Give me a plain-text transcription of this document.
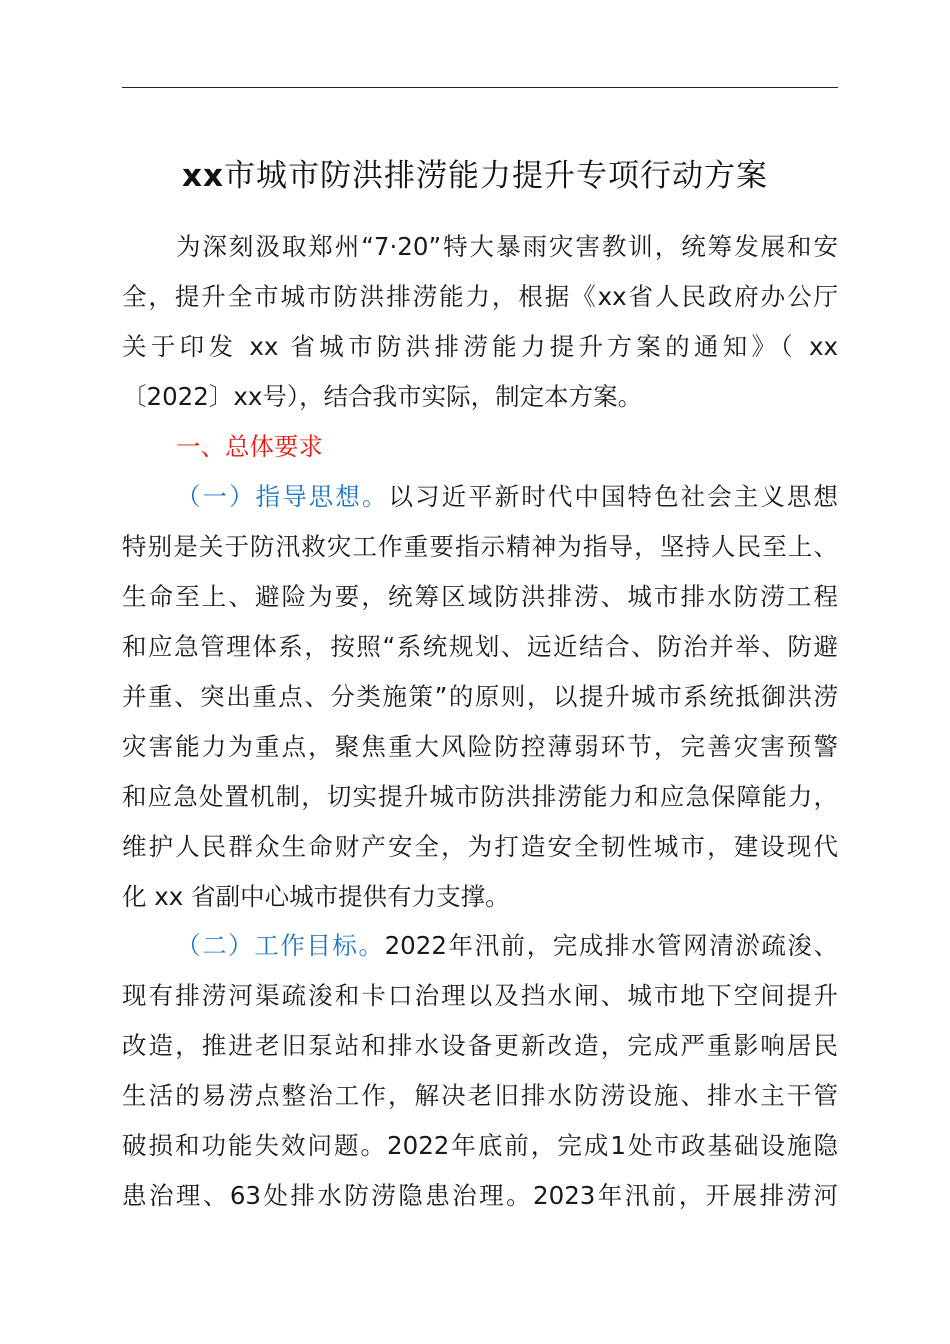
xx市城市防洪排涝能力提升专项行动方案
为深刻汲取郑州“7·20”特大暴雨灾害教训，统筹发展和安
全，提升全市城市防洪排涝能力，根据《xx省人民政府办公厅
关于印发 xx 省城市防洪排涝能力提升方案的通知》（ xx
〔2022〕xx号），结合我市实际，制定本方案。
一、总体要求
（一）指导思想。以习近平新时代中国特色社会主义思想
特别是关于防汛救灾工作重要指示精神为指导，坚持人民至上、
生命至上、避险为要，统筹区域防洪排涝、城市排水防涝工程
和应急管理体系，按照“系统规划、远近结合、防治并举、防避
并重、突出重点、分类施策”的原则，以提升城市系统抵御洪涝
灾害能力为重点，聚焦重大风险防控薄弱环节，完善灾害预警
和应急处置机制，切实提升城市防洪排涝能力和应急保障能力，
维护人民群众生命财产安全，为打造安全韧性城市，建设现代
化 xx 省副中心城市提供有力支撑。
（二）工作目标。2022年汛前，完成排水管网清淤疏浚、
现有排涝河渠疏浚和卡口治理以及挡水闸、城市地下空间提升
改造，推进老旧泵站和排水设备更新改造，完成严重影响居民
生活的易涝点整治工作，解决老旧排水防涝设施、排水主干管
破损和功能失效问题。2022年底前，完成1处市政基础设施隐
患治理、63处排水防涝隐患治理。2023年汛前，开展排涝河
